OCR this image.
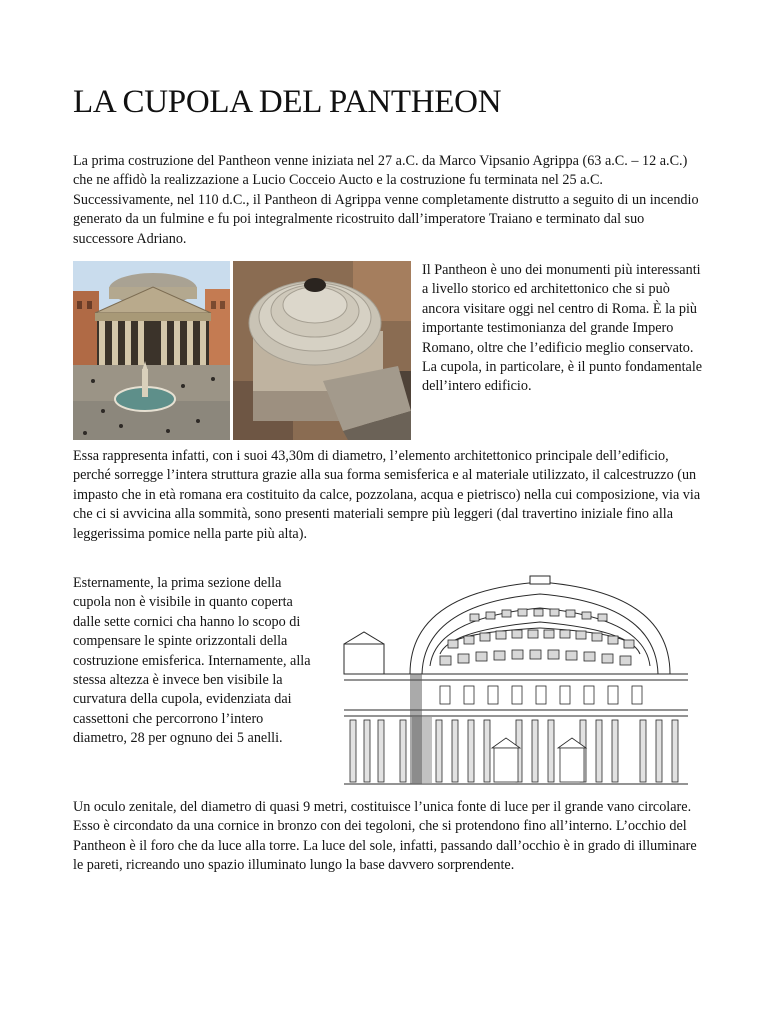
LA CUPOLA DEL PANTHEON

La prima costruzione del Pantheon venne iniziata nel 27 a.C. da Marco Vipsanio Agrippa (63 a.C. – 12 a.C.) che ne affidò la realizzazione a Lucio Cocceio Aucto e la costruzione fu terminata nel 25 a.C. Successivamente, nel 110 d.C., il Pantheon di Agrippa venne completamente distrutto a seguito di un incendio generato da un fulmine e fu poi integralmente ricostruito dall’imperatore Traiano e terminato dal suo successore Adriano.

Il Pantheon è uno dei monumenti più interessanti a livello storico ed architettonico che si può ancora visitare oggi nel centro di Roma. È la più importante testimonianza del grande Impero Romano, oltre che l’edificio meglio conservato. La cupola, in particolare, è il punto fondamentale dell’intero edificio.

Essa rappresenta infatti, con i suoi 43,30m di diametro, l’elemento architettonico principale dell’edificio, perché sorregge l’intera struttura grazie alla sua forma semisferica e al materiale utilizzato, il calcestruzzo (un impasto che in età romana era costituito da calce, pozzolana, acqua e pietrisco) nella cui composizione, via via che ci si avvicina alla sommità, sono presenti materiali sempre più leggeri (dal travertino iniziale fino alla leggerissima pomice nella parte più alta).

Esternamente, la prima sezione della cupola non è visibile in quanto coperta dalle sette cornici cha hanno lo scopo di compensare le spinte orizzontali della costruzione emisferica. Internamente, alla stessa altezza è invece ben visibile la curvatura della cupola, evidenziata dai cassettoni che percorrono l’intero diametro, 28 per ognuno dei 5 anelli.

Un oculo zenitale, del diametro di quasi 9 metri, costituisce l’unica fonte di luce per il grande vano circolare. Esso è circondato da una cornice in bronzo con dei tegoloni, che si protendono fino all’interno. L’occhio del Pantheon è il foro che da luce alla torre. La luce del sole, infatti, passando dall’occhio è in grado di illuminare le pareti, ricreando uno spazio illuminato lungo la base davvero sorprendente.
